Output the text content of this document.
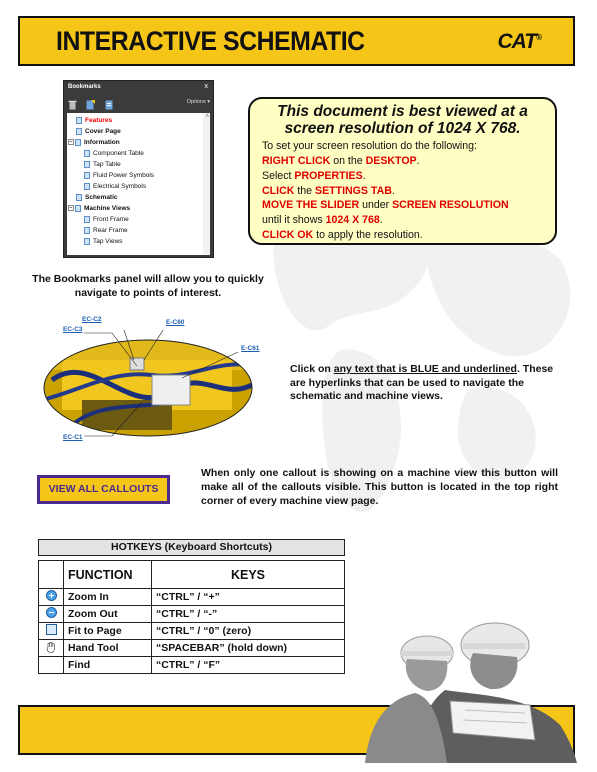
INTERACTIVE SCHEMATIC	CAT®
Bookmarks	x

Options ▾
Features
Cover Page
− Information
Component Table
Tap Table
Fluid Power Symbols
Electrical Symbols
Schematic
− Machine Views
Front Frame
Rear Frame
Tap Views
˄	This document is best viewed at a
screen resolution of 1024 X 768.
To set your screen resolution do the following:
RIGHT CLICK on the DESKTOP.
Select PROPERTIES.
CLICK the SETTINGS TAB.
MOVE THE SLIDER under SCREEN RESOLUTION
until it shows 1024 X 768.
CLICK OK to apply the resolution.
The Bookmarks panel will allow you to quickly navigate to points of interest.
EC-C2
EC-C3
E-C60
E-C61
EC-C1
Click on any text that is BLUE and underlined. These are hyperlinks that can be used to navigate the schematic and machine views.
VIEW ALL CALLOUTS
When only one callout is showing on a machine view this button will make all of the callouts visible. This button is located in the top right corner of every machine view page.
HOTKEYS (Keyboard Shortcuts)
	FUNCTION	KEYS
	Zoom In	“CTRL” / “+”
	Zoom Out	“CTRL” / “-”
	Fit to Page	“CTRL” / “0” (zero)
	Hand Tool	“SPACEBAR” (hold down)
	Find	“CTRL” / “F”
